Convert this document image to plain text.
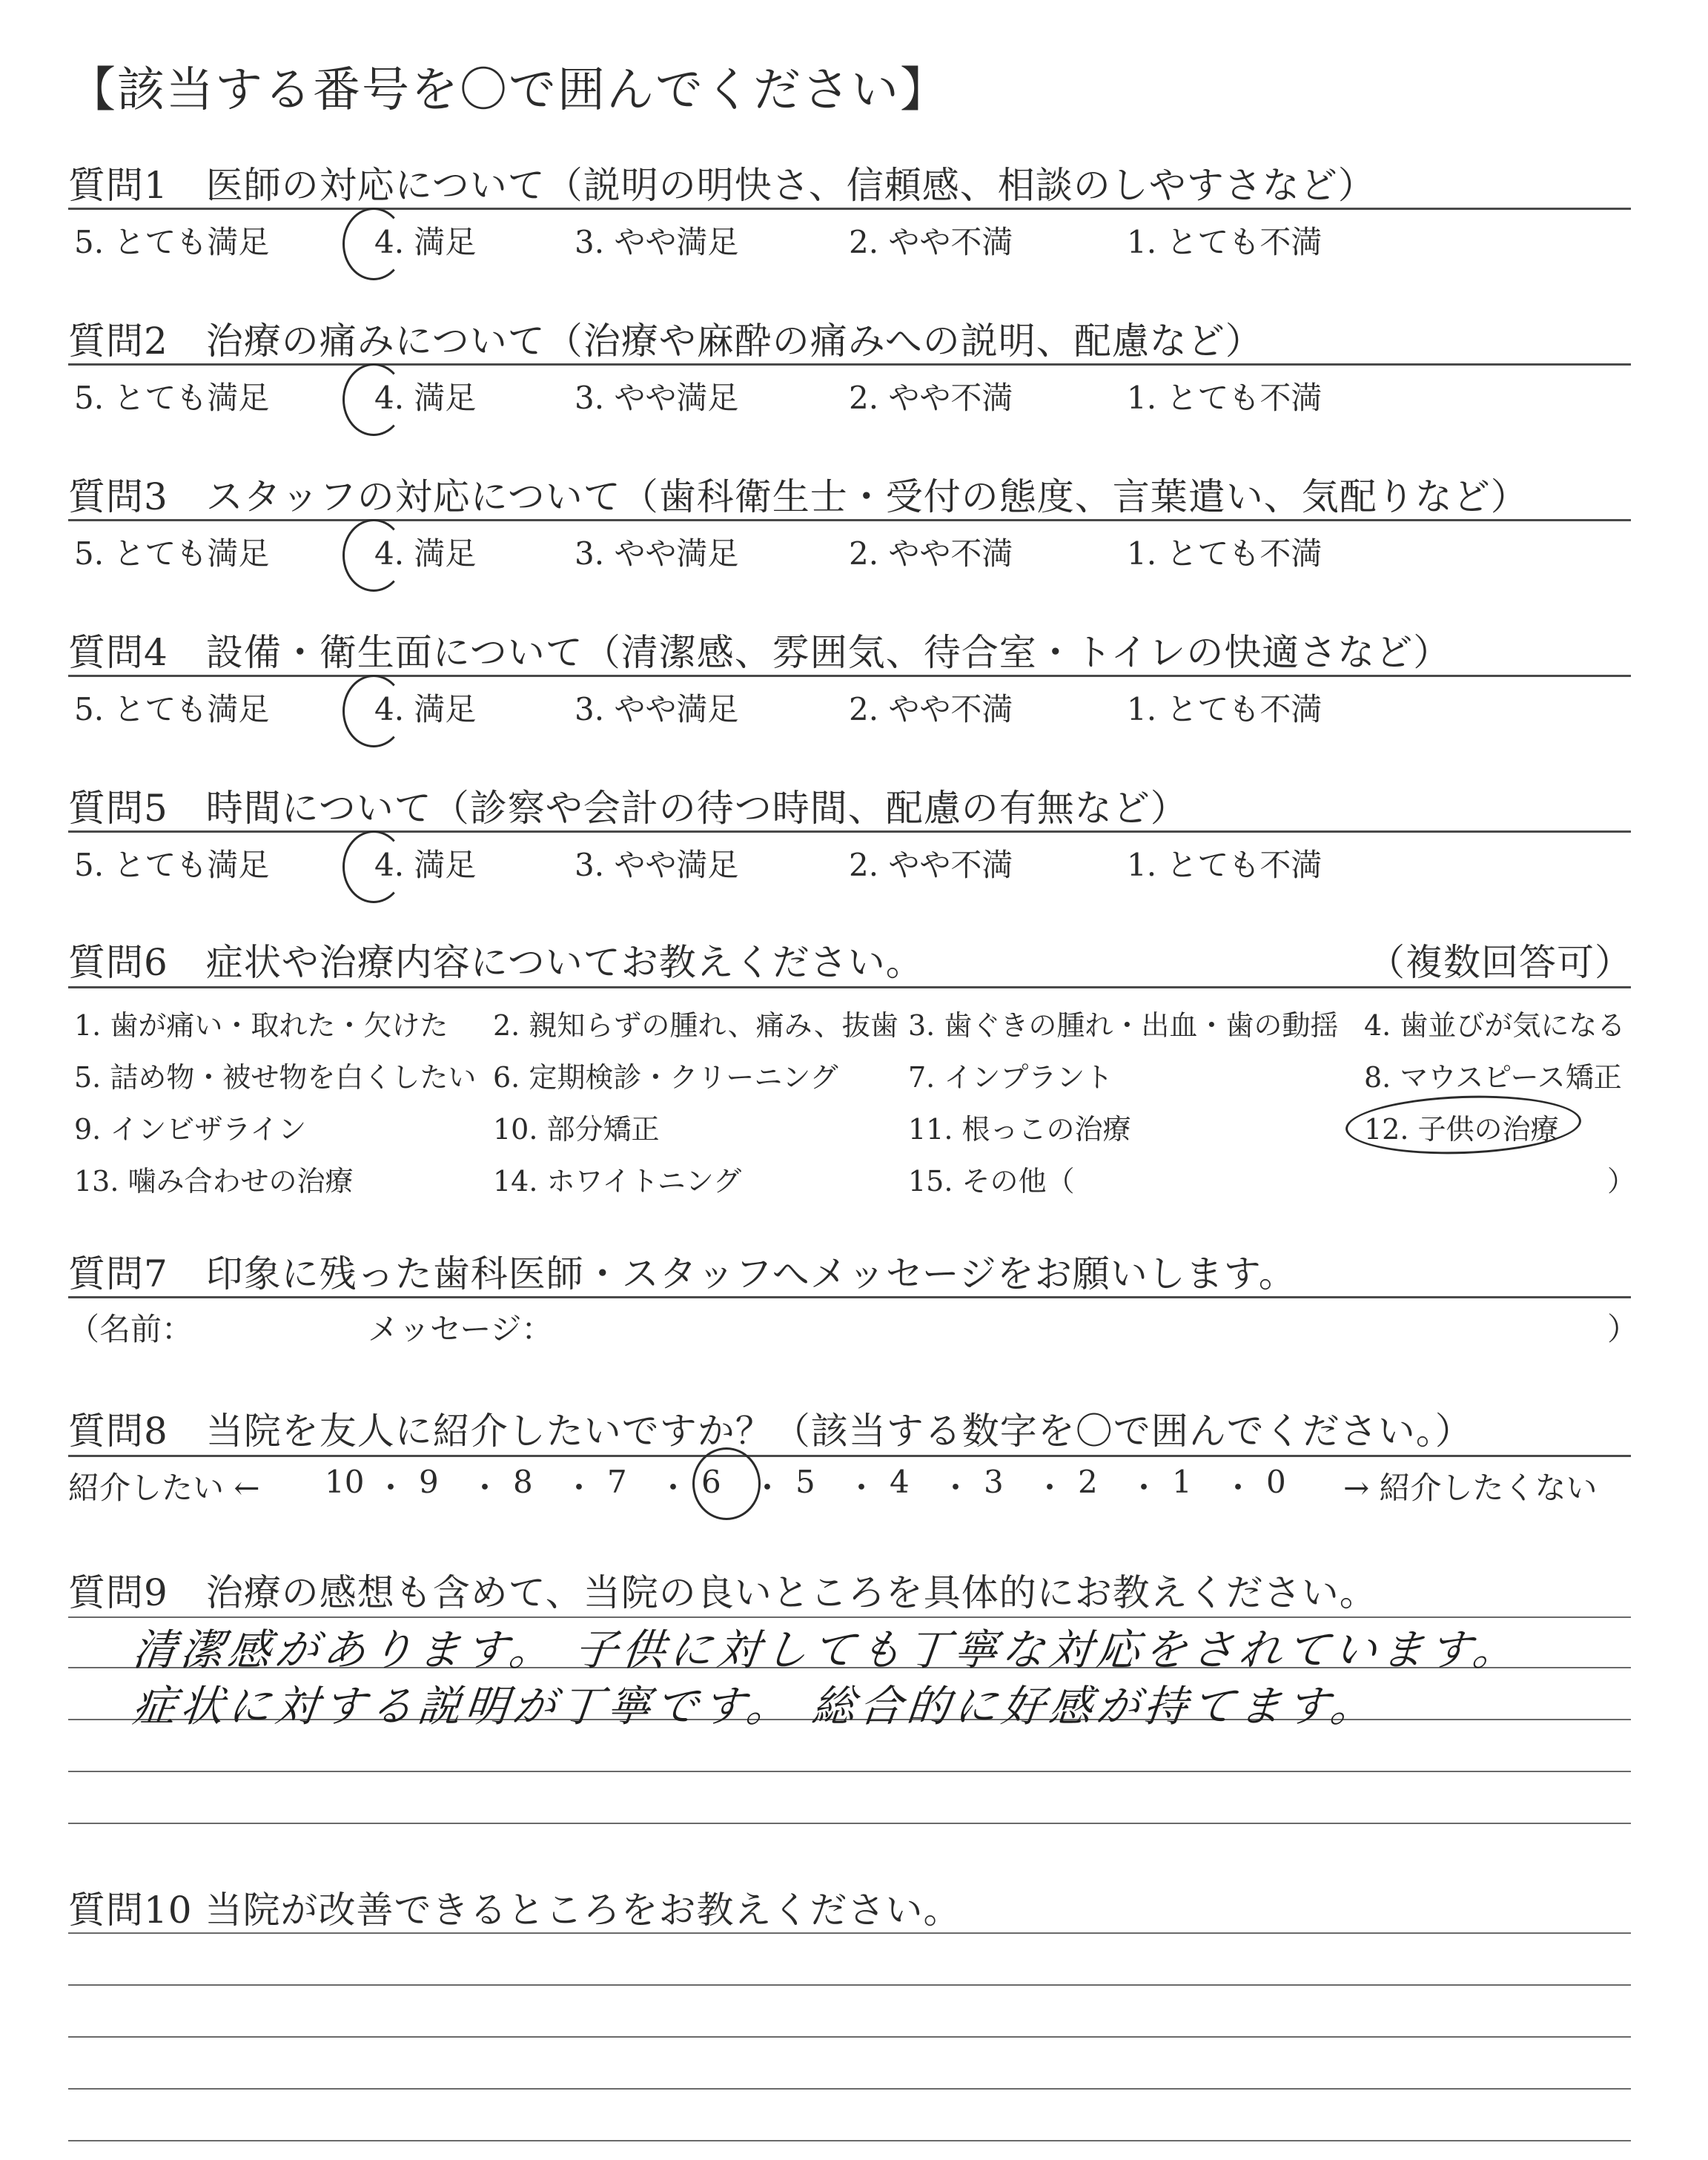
【該当する番号を〇で囲んでください】
質問1　医師の対応について（説明の明快さ、信頼感、相談のしやすさなど）
5. とても満足	4. 満足	3. やや満足	2. やや不満	1. とても不満
質問2　治療の痛みについて（治療や麻酔の痛みへの説明、配慮など）
5. とても満足	4. 満足	3. やや満足	2. やや不満	1. とても不満
質問3　スタッフの対応について（歯科衛生士・受付の態度、言葉遣い、気配りなど）
5. とても満足	4. 満足	3. やや満足	2. やや不満	1. とても不満
質問4　設備・衛生面について（清潔感、雰囲気、待合室・トイレの快適さなど）
5. とても満足	4. 満足	3. やや満足	2. やや不満	1. とても不満
質問5　時間について（診察や会計の待つ時間、配慮の有無など）
5. とても満足	4. 満足	3. やや満足	2. やや不満	1. とても不満
質問6　症状や治療内容についてお教えください。	（複数回答可）
1. 歯が痛い・取れた・欠けた 2. 親知らずの腫れ、痛み、抜歯 3. 歯ぐきの腫れ・出血・歯の動揺 4. 歯並びが気になる
5. 詰め物・被せ物を白くしたい 6. 定期検診・クリーニング 7. インプラント	8. マウスピース矯正
9. インビザライン	10. 部分矯正	11. 根っこの治療	12. 子供の治療
13. 噛み合わせの治療	14. ホワイトニング	15. その他（	）
質問7　印象に残った歯科医師・スタッフへメッセージをお願いします。
（名前：	メッセージ：	）
質問8　当院を友人に紹介したいですか？（該当する数字を〇で囲んでください。）
紹介したい ←	→ 紹介したくない
10 ・ 9 ・ 8 ・ 7 ・ 6 ・ 5 ・ 4 ・ 3 ・ 2 ・ 1 ・ 0
質問9　治療の感想も含めて、当院の良いところを具体的にお教えください。
清潔感があります。 子供に対しても丁寧な対応をされています。
症状に対する説明が丁寧です。 総合的に好感が持てます。
質問10 当院が改善できるところをお教えください。
